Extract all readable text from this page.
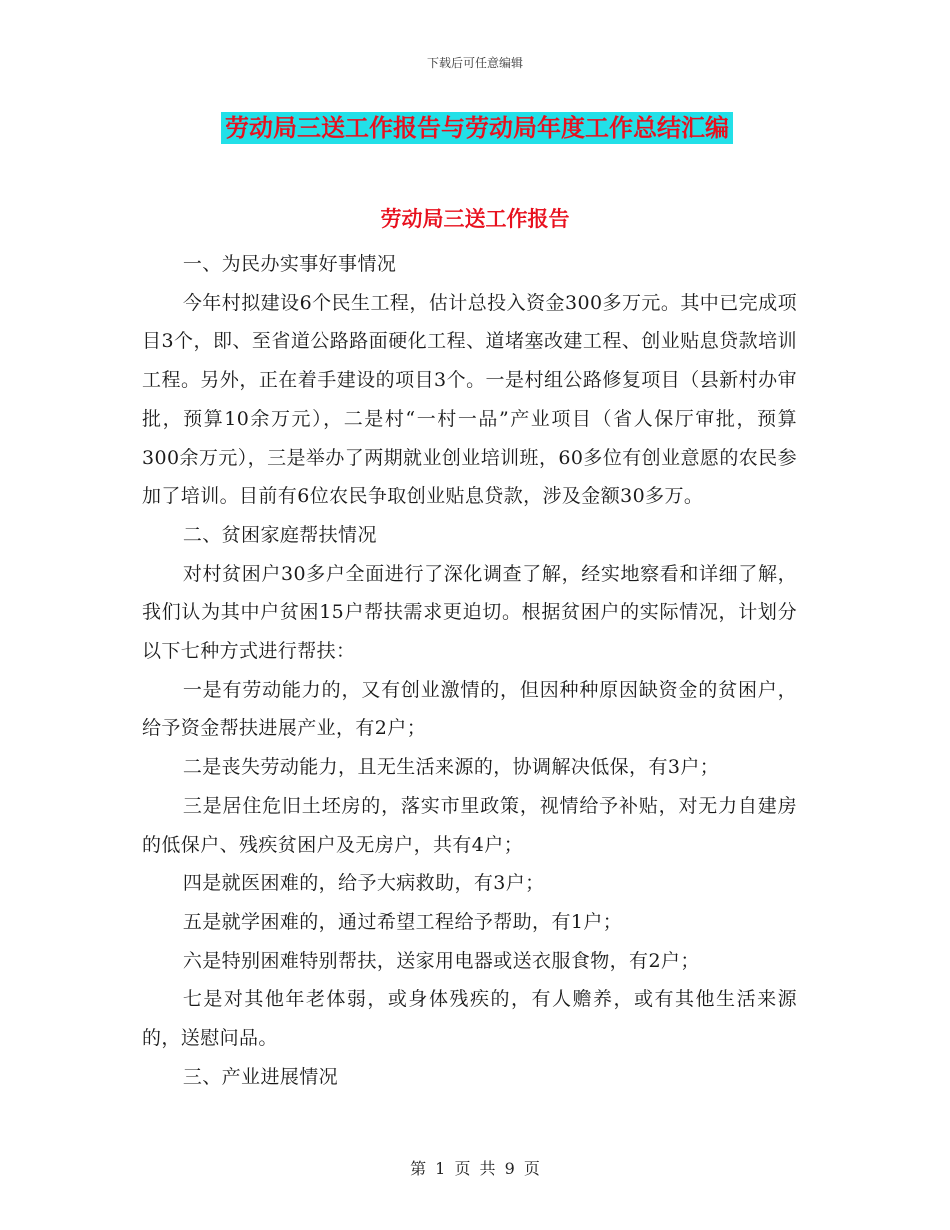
下载后可任意编辑
劳动局三送工作报告与劳动局年度工作总结汇编
劳动局三送工作报告

一、为民办实事好事情况

今年村拟建设6个民生工程，估计总投入资金300多万元。其中已完成项目3个，即、至省道公路路面硬化工程、道堵塞改建工程、创业贴息贷款培训工程。另外，正在着手建设的项目3个。一是村组公路修复项目（县新村办审批，预算10余万元），二是村“一村一品”产业项目（省人保厅审批，预算300余万元），三是举办了两期就业创业培训班，60多位有创业意愿的农民参加了培训。目前有6位农民争取创业贴息贷款，涉及金额30多万。

二、贫困家庭帮扶情况

对村贫困户30多户全面进行了深化调查了解，经实地察看和详细了解，我们认为其中户贫困15户帮扶需求更迫切。根据贫困户的实际情况，计划分以下七种方式进行帮扶：

一是有劳动能力的，又有创业激情的，但因种种原因缺资金的贫困户，给予资金帮扶进展产业，有2户；

二是丧失劳动能力，且无生活来源的，协调解决低保，有3户；

三是居住危旧土坯房的，落实市里政策，视情给予补贴，对无力自建房的低保户、残疾贫困户及无房户，共有4户；

四是就医困难的，给予大病救助，有3户；

五是就学困难的，通过希望工程给予帮助，有1户；

六是特别困难特别帮扶，送家用电器或送衣服食物，有2户；

七是对其他年老体弱，或身体残疾的，有人赡养，或有其他生活来源的，送慰问品。

三、产业进展情况

第 1 页 共 9 页
